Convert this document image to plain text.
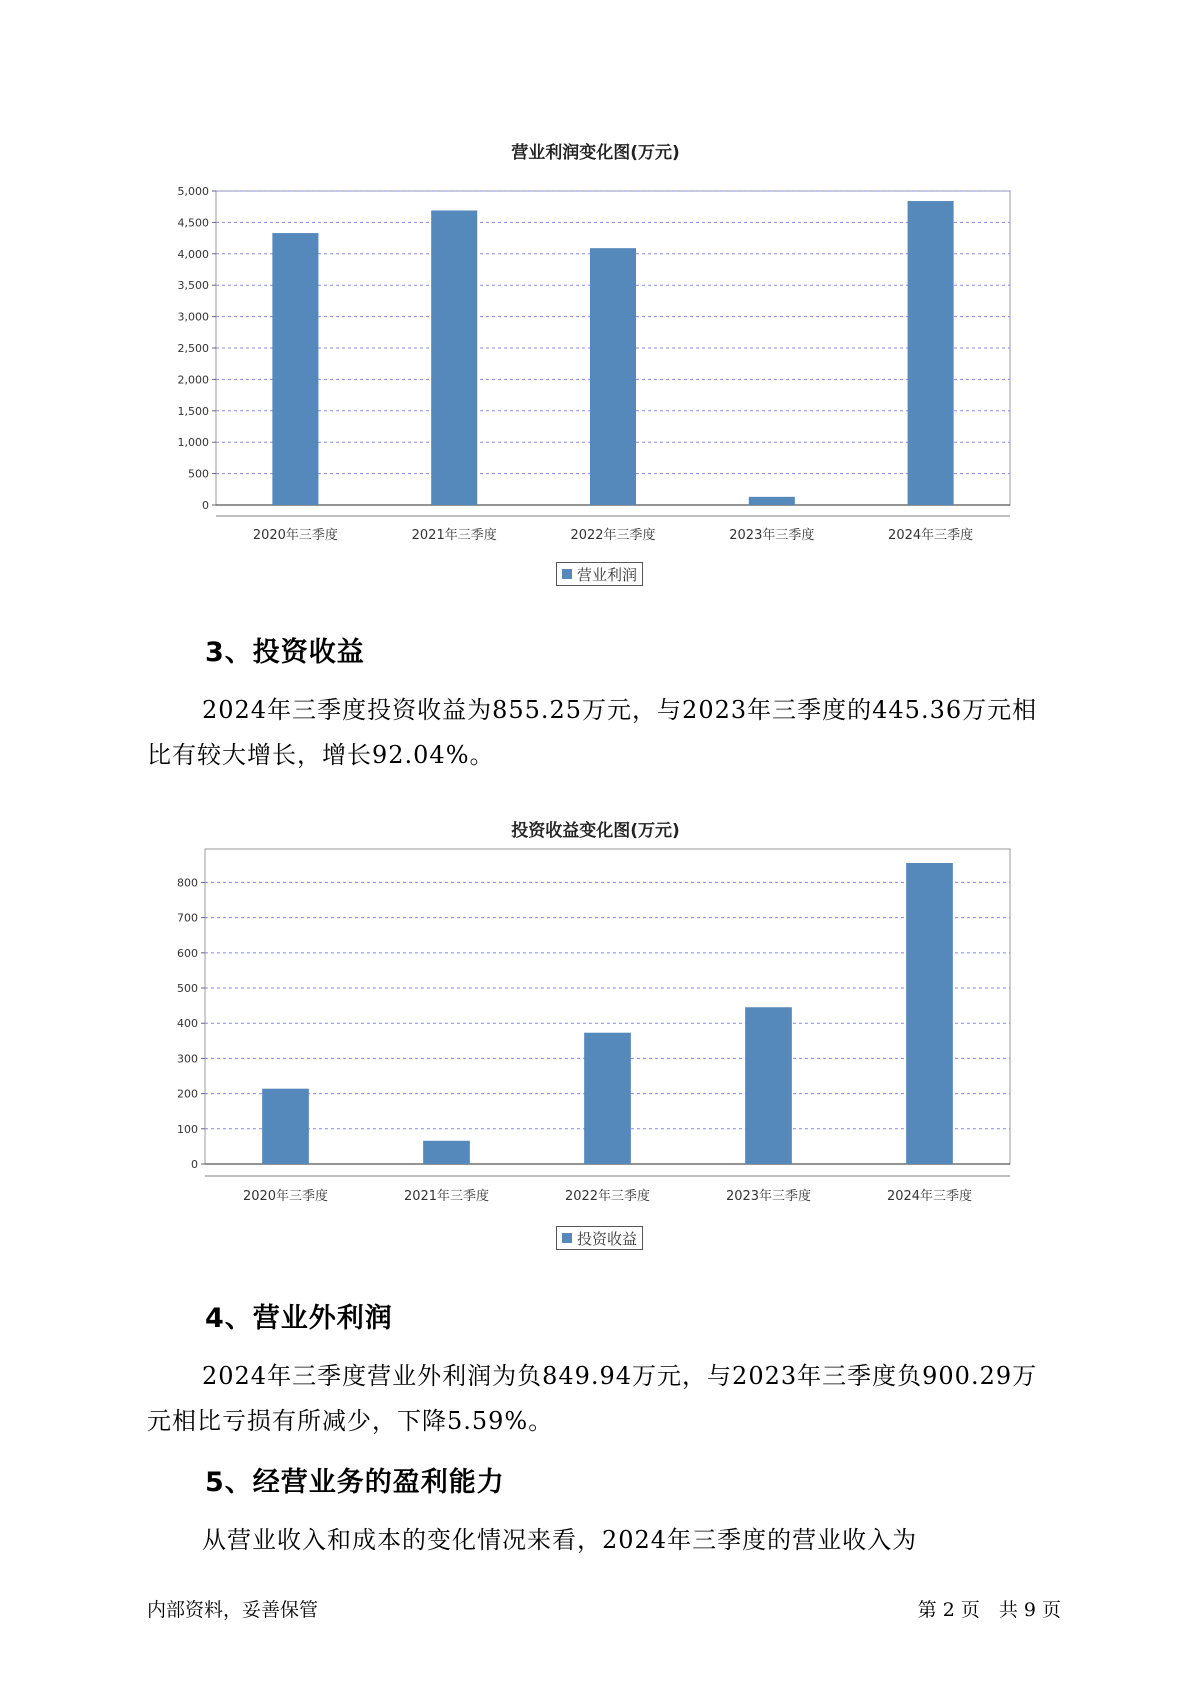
营业利润变化图(万元)
0
500
1,000
1,500
2,000
2,500
3,000
3,500
4,000
4,500
5,000
2020年三季度	2021年三季度	2022年三季度	2023年三季度	2024年三季度
营业利润
3、投资收益

2024年三季度投资收益为855.25万元，与2023年三季度的445.36万元相比有较大增长，增长92.04%。

投资收益变化图(万元)
0
100
200
300
400
500
600
700
800
2020年三季度	2021年三季度	2022年三季度	2023年三季度	2024年三季度
投资收益
4、营业外利润

2024年三季度营业外利润为负849.94万元，与2023年三季度负900.29万元相比亏损有所减少，下降5.59%。

5、经营业务的盈利能力

从营业收入和成本的变化情况来看，2024年三季度的营业收入为

内部资料，妥善保管	第 2 页　共 9 页
